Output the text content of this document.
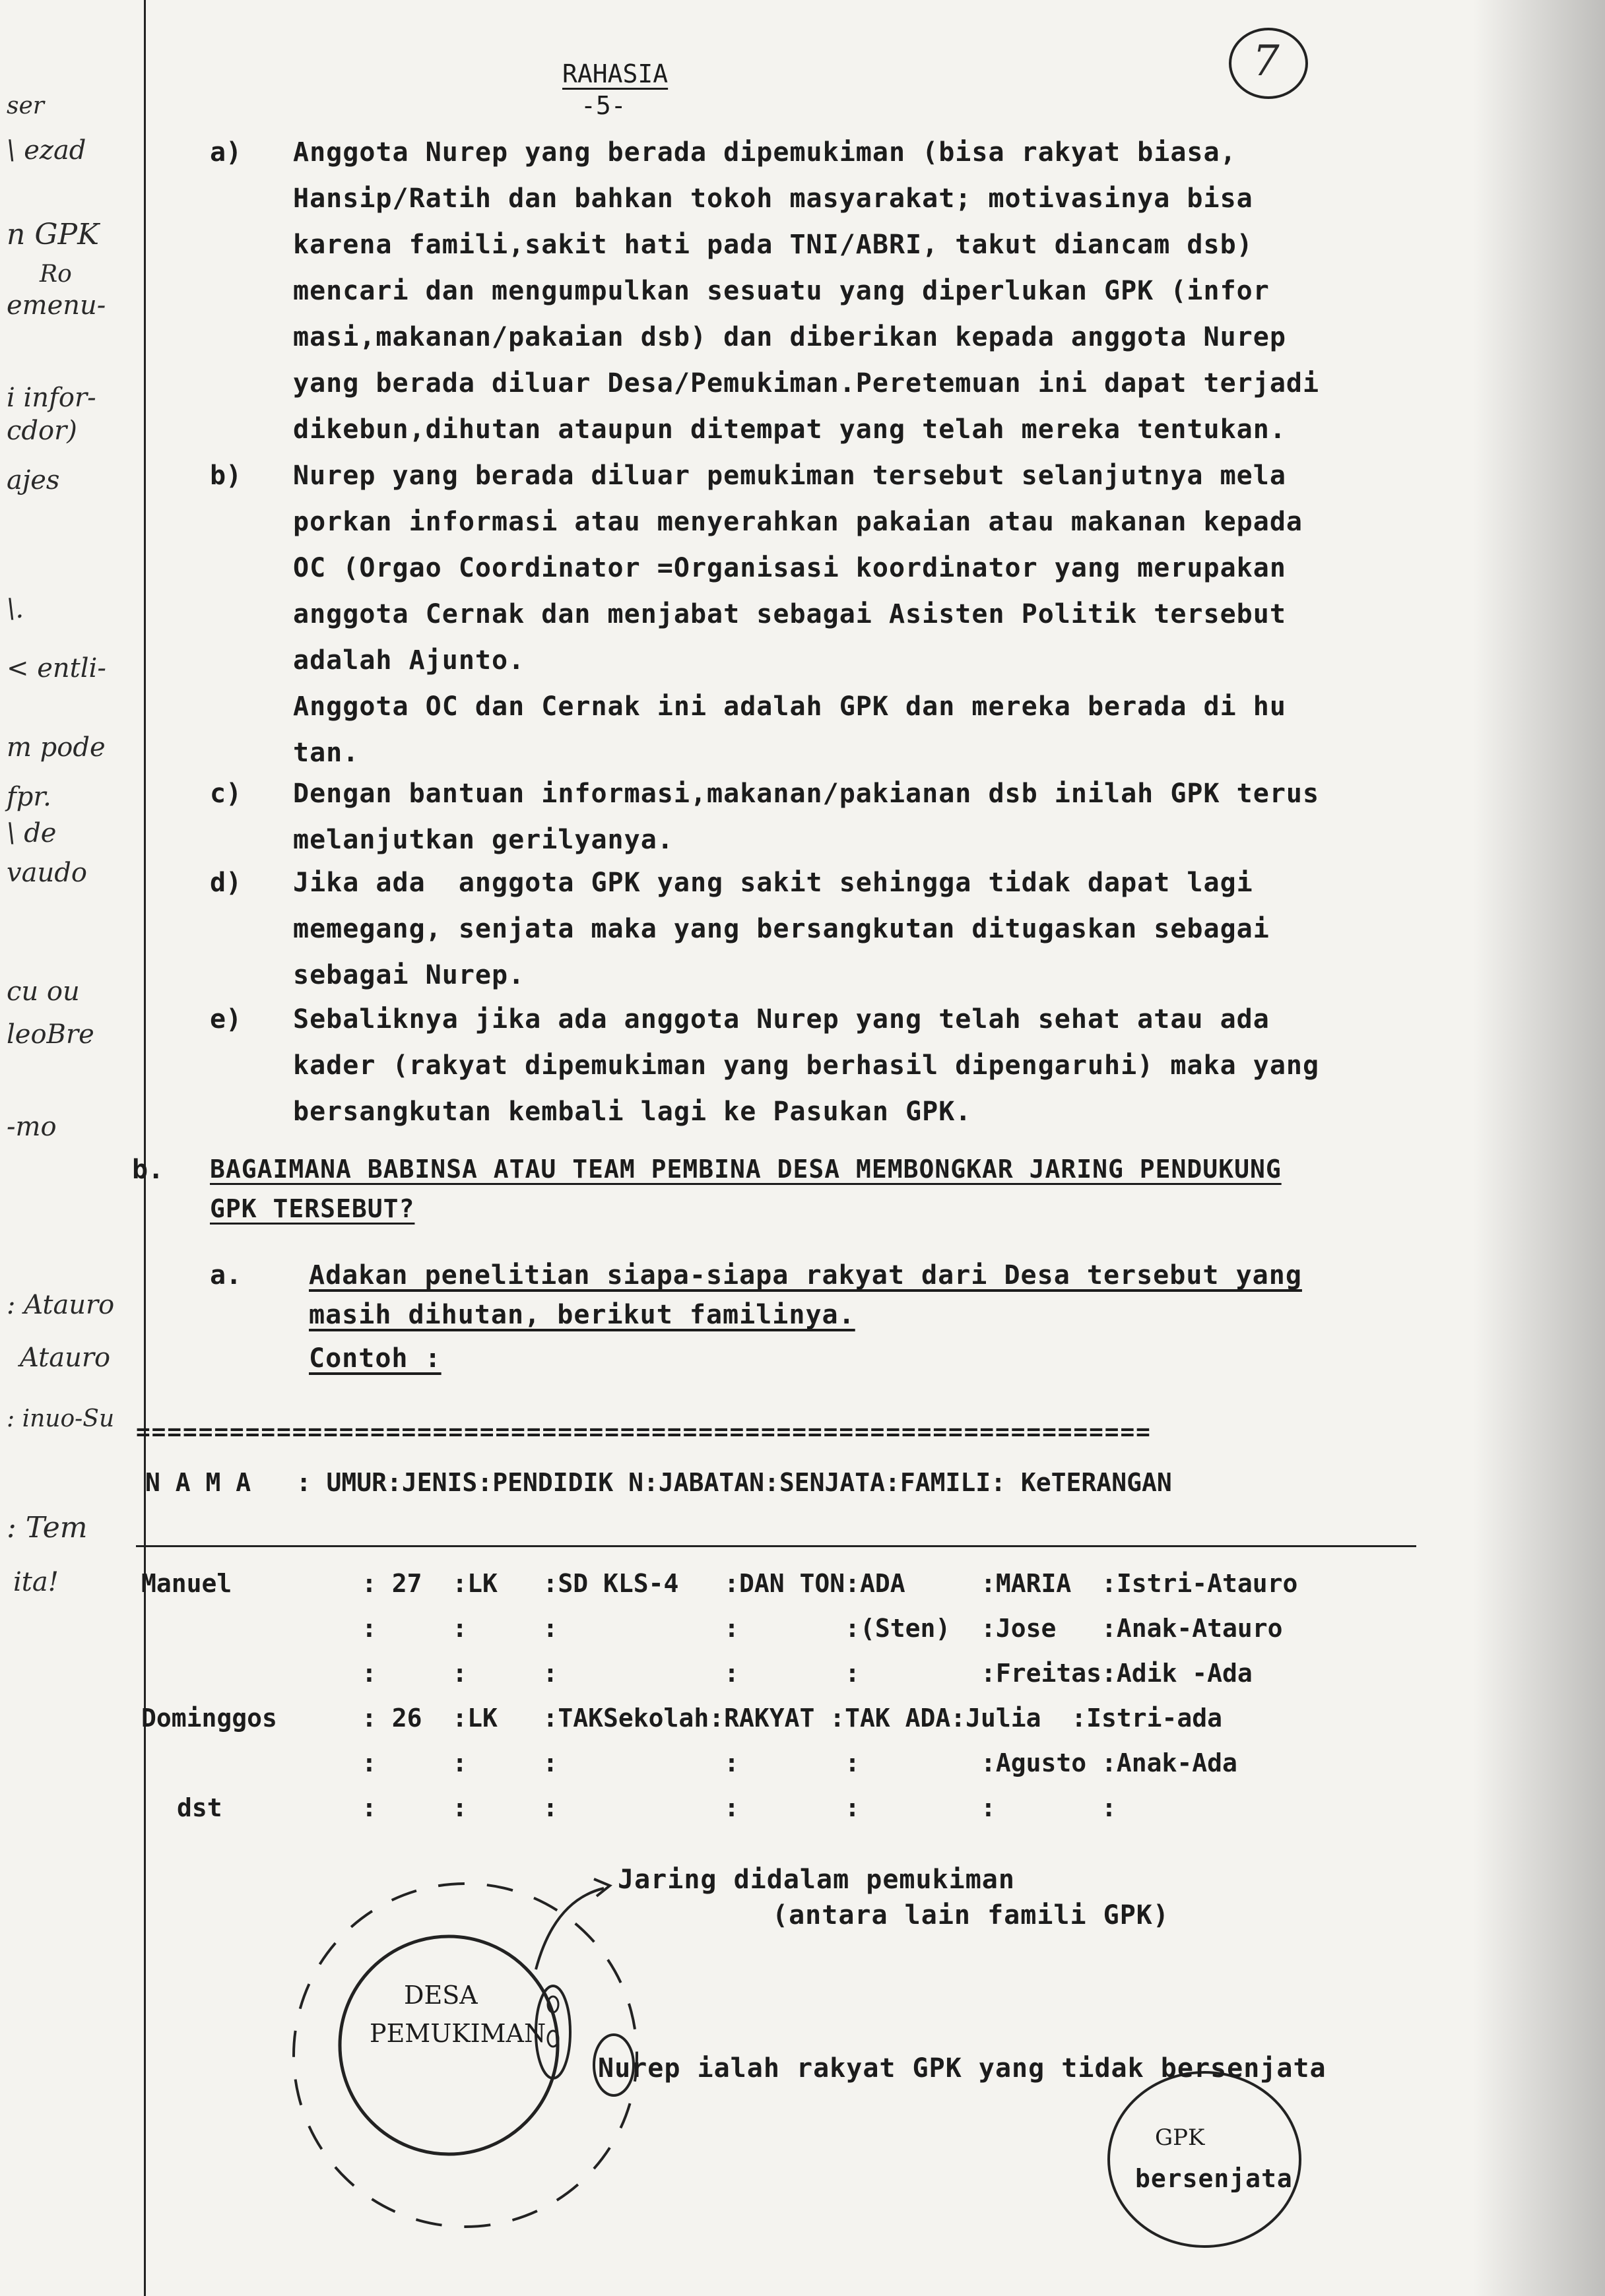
ser
\ ezad
n GPK
Ro
emenu-
i infor-
cdor)
ajes
\.
< entli-
m pode
fpr.
\ de
vaudo
cu ou
leoBre
-mo
: Atauro
Atauro
: inuo-Su
: Tem
ita!
RAHASIA
-5-

7

a) Anggota Nurep yang berada dipemukiman (bisa rakyat biasa,
Hansip/Ratih dan bahkan tokoh masyarakat; motivasinya bisa
karena famili,sakit hati pada TNI/ABRI, takut diancam dsb)
mencari dan mengumpulkan sesuatu yang diperlukan GPK (infor
masi,makanan/pakaian dsb) dan diberikan kepada anggota Nurep
yang berada diluar Desa/Pemukiman.Peretemuan ini dapat terjadi
dikebun,dihutan ataupun ditempat yang telah mereka tentukan.
b) Nurep yang berada diluar pemukiman tersebut selanjutnya mela
porkan informasi atau menyerahkan pakaian atau makanan kepada
OC (Orgao Coordinator =Organisasi koordinator yang merupakan
anggota Cernak dan menjabat sebagai Asisten Politik tersebut
adalah Ajunto.
Anggota OC dan Cernak ini adalah GPK dan mereka berada di hu
tan.
c) Dengan bantuan informasi,makanan/pakianan dsb inilah GPK terus
melanjutkan gerilyanya.
d) Jika ada  anggota GPK yang sakit sehingga tidak dapat lagi
memegang, senjata maka yang bersangkutan ditugaskan sebagai
sebagai Nurep.
e) Sebaliknya jika ada anggota Nurep yang telah sehat atau ada
kader (rakyat dipemukiman yang berhasil dipengaruhi) maka yang
bersangkutan kembali lagi ke Pasukan GPK.
b. BAGAIMANA BABINSA ATAU TEAM PEMBINA DESA MEMBONGKAR JARING PENDUKUNG
GPK TERSEBUT?
a.	Adakan penelitian siapa-siapa rakyat dari Desa tersebut yang
masih dihutan, berikut familinya.
Contoh :
=================================================================
N A M A   : UMUR:JENIS:PENDIDIK N:JABATAN:SENJATA:FAMILI: KeTERANGAN
Manuel	: 27  :LK   :SD KLS-4   :DAN TON:ADA     :MARIA  :Istri-Atauro
:     :     :           :       :(Sten)  :Jose   :Anak-Atauro
:     :     :           :       :        :Freitas:Adik -Ada
Dominggos	: 26  :LK   :TAKSekolah:RAKYAT :TAK ADA:Julia  :Istri-ada
:     :     :           :       :        :Agusto :Anak-Ada
dst	:     :     :           :       :        :       :
Jaring didalam pemukiman
(antara lain famili GPK)
DESA
PEMUKIMAN
Nurep ialah rakyat GPK yang tidak bersenjata
GPK
bersenjata
